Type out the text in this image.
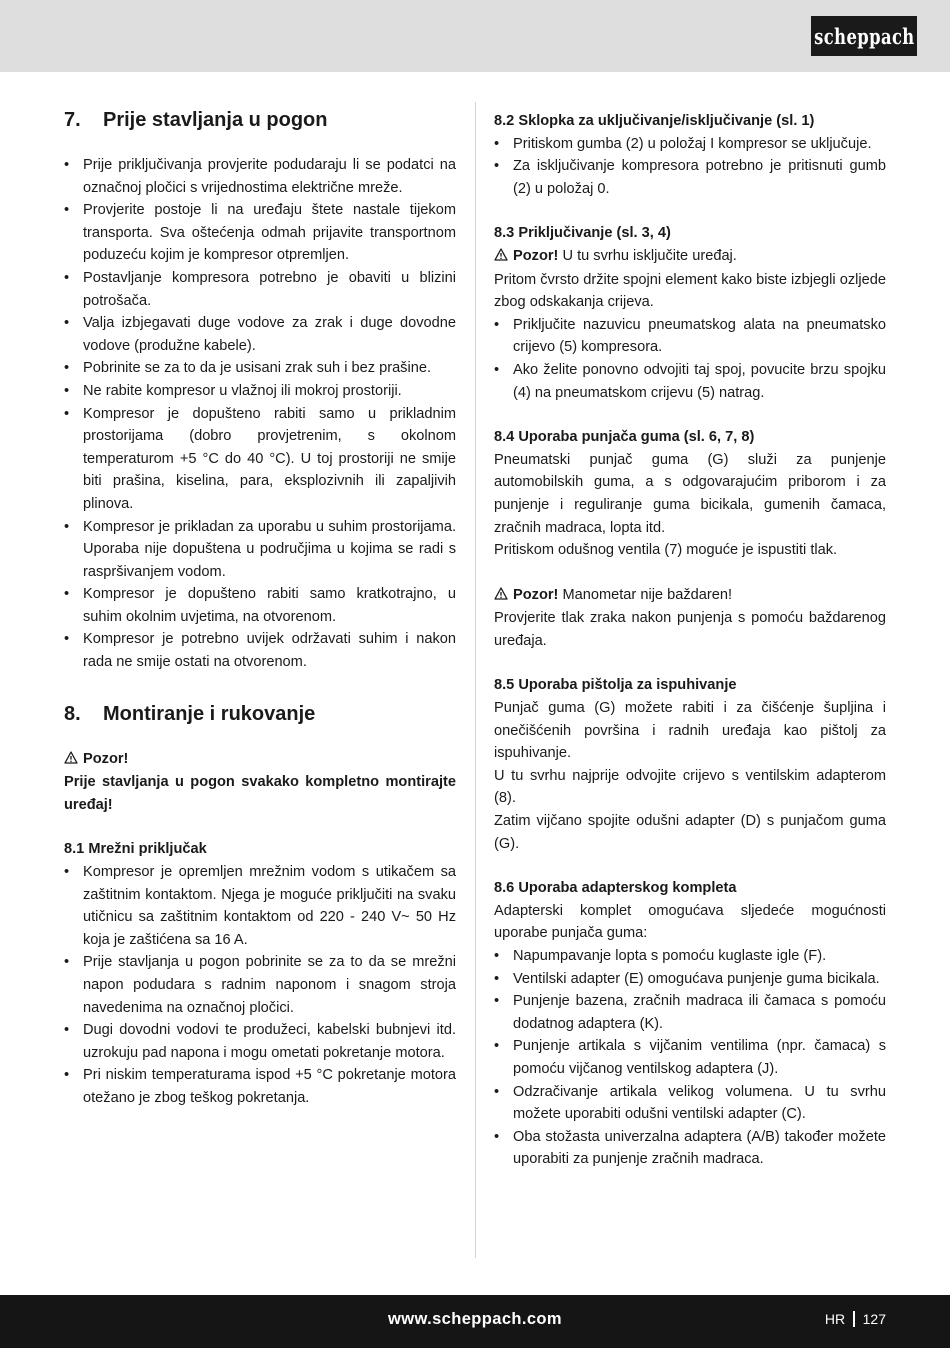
scheppach
7.	Prije stavljanja u pogon
• Prije priključivanja provjerite podudaraju li se podatci na označnoj pločici s vrijednostima električne mreže.
• Provjerite postoje li na uređaju štete nastale tijekom transporta. Sva oštećenja odmah prijavite transportnom poduzeću kojim je kompresor otpremljen.
• Postavljanje kompresora potrebno je obaviti u blizini potrošača.
• Valja izbjegavati duge vodove za zrak i duge dovodne vodove (produžne kabele).
• Pobrinite se za to da je usisani zrak suh i bez prašine.
• Ne rabite kompresor u vlažnoj ili mokroj prostoriji.
• Kompresor je dopušteno rabiti samo u prikladnim prostorijama (dobro provjetrenim, s okolnom temperaturom +5 °C do 40 °C). U toj prostoriji ne smije biti prašina, kiselina, para, eksplozivnih ili zapaljivih plinova.
• Kompresor je prikladan za uporabu u suhim prostorijama. Uporaba nije dopuštena u područjima u kojima se radi s raspršivanjem vodom.
• Kompresor je dopušteno rabiti samo kratkotrajno, u suhim okolnim uvjetima, na otvorenom.
• Kompresor je potrebno uvijek održavati suhim i nakon rada ne smije ostati na otvorenom.
8.	Montiranje i rukovanje
Pozor!
Prije stavljanja u pogon svakako kompletno montirajte uređaj!
8.1 Mrežni priključak
• Kompresor je opremljen mrežnim vodom s utikačem sa zaštitnim kontaktom. Njega je moguće priključiti na svaku utičnicu sa zaštitnim kontaktom od 220 - 240 V~ 50 Hz koja je zaštićena sa 16 A.
• Prije stavljanja u pogon pobrinite se za to da se mrežni napon podudara s radnim naponom i snagom stroja navedenima na označnoj pločici.
• Dugi dovodni vodovi te produžeci, kabelski bubnjevi itd. uzrokuju pad napona i mogu ometati pokretanje motora.
• Pri niskim temperaturama ispod +5 °C pokretanje motora otežano je zbog teškog pokretanja.
8.2 Sklopka za uključivanje/isključivanje (sl. 1)
• Pritiskom gumba (2) u položaj I kompresor se uključuje.
• Za isključivanje kompresora potrebno je pritisnuti gumb (2) u položaj 0.
8.3 Priključivanje (sl. 3, 4)
Pozor! U tu svrhu isključite uređaj.
Pritom čvrsto držite spojni element kako biste izbjegli ozljede zbog odskakanja crijeva.
• Priključite nazuvicu pneumatskog alata na pneumatsko crijevo (5) kompresora.
• Ako želite ponovno odvojiti taj spoj, povucite brzu spojku (4) na pneumatskom crijevu (5) natrag.
8.4 Uporaba punjača guma (sl. 6, 7, 8)
Pneumatski punjač guma (G) služi za punjenje automobilskih guma, a s odgovarajućim priborom i za punjenje i reguliranje guma bicikala, gumenih čamaca, zračnih madraca, lopta itd.
Pritiskom odušnog ventila (7) moguće je ispustiti tlak.
Pozor! Manometar nije baždaren!
Provjerite tlak zraka nakon punjenja s pomoću baždarenog uređaja.
8.5 Uporaba pištolja za ispuhivanje
Punjač guma (G) možete rabiti i za čišćenje šupljina i onečišćenih površina i radnih uređaja kao pištolj za ispuhivanje.
U tu svrhu najprije odvojite crijevo s ventilskim adapterom (8).
Zatim vijčano spojite odušni adapter (D) s punjačom guma (G).
8.6 Uporaba adapterskog kompleta
Adapterski komplet omogućava sljedeće mogućnosti uporabe punjača guma:
• Napumpavanje lopta s pomoću kuglaste igle (F).
• Ventilski adapter (E) omogućava punjenje guma bicikala.
• Punjenje bazena, zračnih madraca ili čamaca s pomoću dodatnog adaptera (K).
• Punjenje artikala s vijčanim ventilima (npr. čamaca) s pomoću vijčanog ventilskog adaptera (J).
• Odzračivanje artikala velikog volumena. U tu svrhu možete uporabiti odušni ventilski adapter (C).
• Oba stožasta univerzalna adaptera (A/B) također možete uporabiti za punjenje zračnih madraca.
www.scheppach.com	HR 127
